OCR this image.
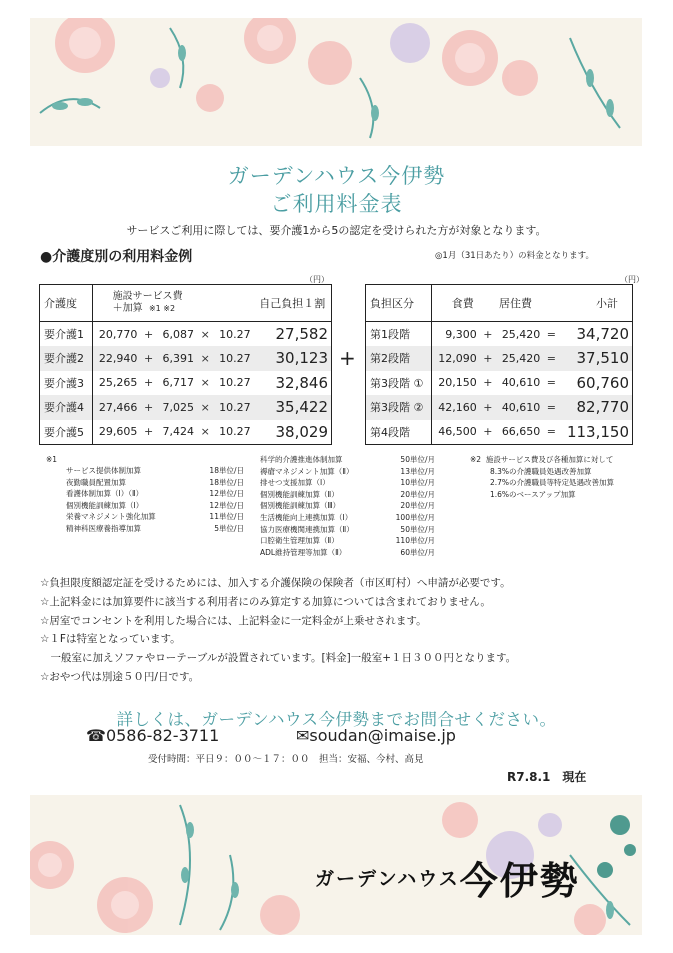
ガーデンハウス今伊勢
ご利用料金表
サービスご利用に際しては、要介護1から5の認定を受けられた方が対象となります。
●介護度別の利用料金例	◎1月（31日あたり）の料金となります。
（円）
介護度	施設サービス費
＋加算 ※1 ※2					自己負担１割
要介護1	20,770	+	6,087	×	10.27	27,582
要介護2	22,940	+	6,391	×	10.27	30,123
要介護3	25,265	+	6,717	×	10.27	32,846
要介護4	27,466	+	7,025	×	10.27	35,422
要介護5	29,605	+	7,424	×	10.27	38,029
+
（円）
負担区分	食費		居住費		小計
第1段階	9,300	+	25,420	=	34,720
第2段階	12,090	+	25,420	=	37,510
第3段階 ①	20,150	+	40,610	=	60,760
第3段階 ②	42,160	+	40,610	=	82,770
第4段階	46,500	+	66,650	=	113,150
※1
サービス提供体制加算	18単位/日
夜勤職員配置加算	18単位/日
看護体制加算（Ⅰ）（Ⅱ）	12単位/日
個別機能訓練加算（Ⅰ）	12単位/日
栄養マネジメント強化加算	11単位/日
精神科医療養指導加算	5単位/日
科学的介護推進体制加算	50単位/月
褥瘡マネジメント加算（Ⅱ）	13単位/月
排せつ支援加算（Ⅰ）	10単位/月
個別機能訓練加算（Ⅱ）	20単位/月
個別機能訓練加算（Ⅲ）	20単位/月
生活機能向上連携加算（Ⅰ）	100単位/月
協力医療機関連携加算（Ⅱ）	50単位/月
口腔衛生管理加算（Ⅱ）	110単位/月
ADL維持管理等加算（Ⅱ）	60単位/月
※2 施設サービス費及び各種加算に対して
8.3%の介護職員処遇改善加算
2.7%の介護職員等特定処遇改善加算
1.6%のベースアップ加算
☆負担限度額認定証を受けるためには、加入する介護保険の保険者（市区町村）へ申請が必要です。
☆上記料金には加算要件に該当する利用者にのみ算定する加算については含まれておりません。
☆居室でコンセントを利用した場合には、上記料金に一定料金が上乗せされます。
☆１Fは特室となっています。
　一般室に加えソファやローテーブルが設置されています。[料金]一般室+１日３００円となります。
☆おやつ代は別途５０円/日です。
詳しくは、ガーデンハウス今伊勢までお問合せください。
☎0586-82-3711	✉soudan@imaise.jp
受付時間：平日９：００～１７：００　担当：安福、今村、高見
R7.8.1　現在
ガーデンハウス今伊勢
